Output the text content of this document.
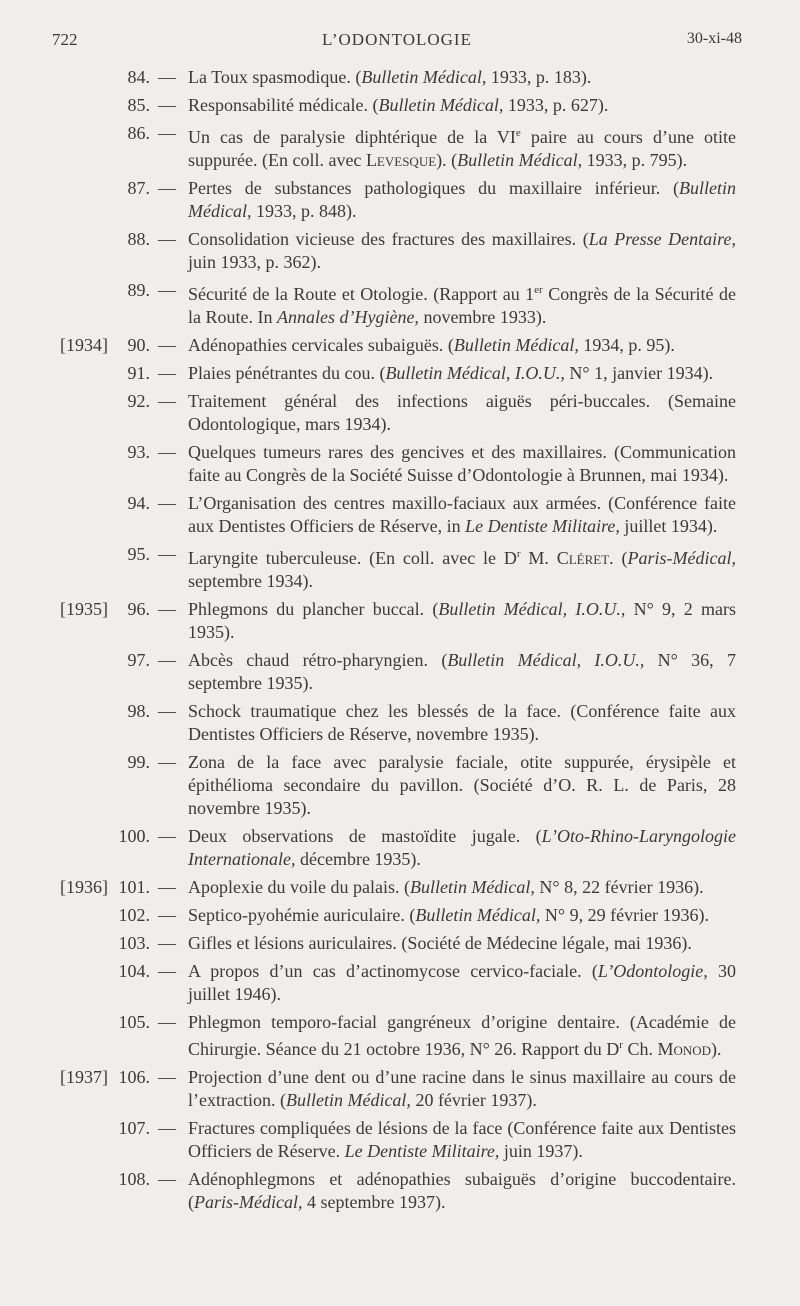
722	L’ODONTOLOGIE	30-xi-48
84. — La Toux spasmodique. (Bulletin Médical, 1933, p. 183).
85. — Responsabilité médicale. (Bulletin Médical, 1933, p. 627).
86. — Un cas de paralysie diphtérique de la VIe paire au cours d’une otite suppurée. (En coll. avec Levesque). (Bulletin Médical, 1933, p. 795).
87. — Pertes de substances pathologiques du maxillaire inférieur. (Bulletin Médical, 1933, p. 848).
88. — Consolidation vicieuse des fractures des maxillaires. (La Presse Dentaire, juin 1933, p. 362).
89. — Sécurité de la Route et Otologie. (Rapport au 1er Congrès de la Sécurité de la Route. In Annales d’Hygiène, novembre 1933).
[1934]	90. — Adénopathies cervicales subaiguës. (Bulletin Médical, 1934, p. 95).
91. — Plaies pénétrantes du cou. (Bulletin Médical, I.O.U., N° 1, janvier 1934).
92. — Traitement général des infections aiguës péri-buccales. (Semaine Odontologique, mars 1934).
93. — Quelques tumeurs rares des gencives et des maxillaires. (Communication faite au Congrès de la Société Suisse d’Odontologie à Brunnen, mai 1934).
94. — L’Organisation des centres maxillo-faciaux aux armées. (Conférence faite aux Dentistes Officiers de Réserve, in Le Dentiste Militaire, juillet 1934).
95. — Laryngite tuberculeuse. (En coll. avec le $D^r$ M. Cléret. (Paris-Médical, septembre 1934).
[1935]	96. — Phlegmons du plancher buccal. (Bulletin Médical, I.O.U., N° 9, 2 mars 1935).
97. — Abcès chaud rétro-pharyngien. (Bulletin Médical, I.O.U., N° 36, 7 septembre 1935).
98. — Schock traumatique chez les blessés de la face. (Conférence faite aux Dentistes Officiers de Réserve, novembre 1935).
99. — Zona de la face avec paralysie faciale, otite suppurée, érysipèle et épithélioma secondaire du pavillon. (Société d’O. R. L. de Paris, 28 novembre 1935).
100. — Deux observations de mastoïdite jugale. (L’Oto-Rhino-Laryngologie Internationale, décembre 1935).
[1936] 101. — Apoplexie du voile du palais. (Bulletin Médical, N° 8, 22 février 1936).
102. — Septico-pyohémie auriculaire. (Bulletin Médical, N° 9, 29 février 1936).
103. — Gifles et lésions auriculaires. (Société de Médecine légale, mai 1936).
104. — A propos d’un cas d’actinomycose cervico-faciale. (L’Odontologie, 30 juillet 1946).
105. — Phlegmon temporo-facial gangréneux d’origine dentaire. (Académie de Chirurgie. Séance du 21 octobre 1936, N° 26. Rapport du $D^r$ Ch. Monod).
[1937] 106. — Projection d’une dent ou d’une racine dans le sinus maxillaire au cours de l’extraction. (Bulletin Médical, 20 février 1937).
107. — Fractures compliquées de lésions de la face (Conférence faite aux Dentistes Officiers de Réserve. Le Dentiste Militaire, juin 1937).
108. — Adénophlegmons et adénopathies subaiguës d’origine buccodentaire. (Paris-Médical, 4 septembre 1937).
